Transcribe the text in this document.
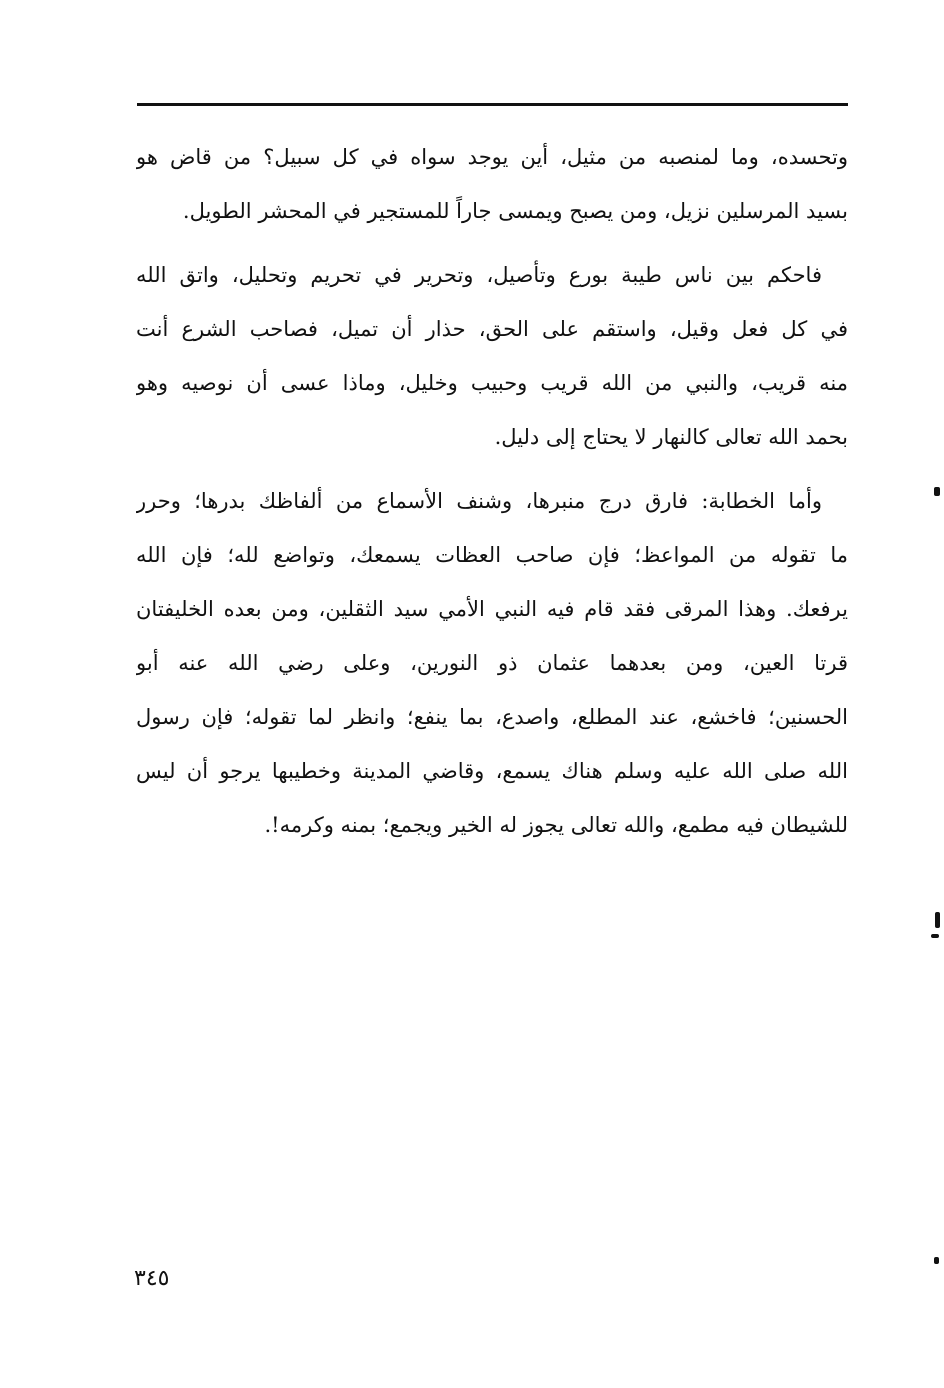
وتحسده، وما لمنصبه من مثيل، أين يوجد سواه في كل سبيل؟ من قاض هو
بسيد المرسلين نزيل، ومن يصبح ويمسى جاراً للمستجير في المحشر الطويل.
فاحكم بين ناس طيبة بورع وتأصيل، وتحرير في تحريم وتحليل، واتق الله
في كل فعل وقيل، واستقم على الحق، حذار أن تميل، فصاحب الشرع أنت
منه قريب، والنبي من الله قريب وحبيب وخليل، وماذا عسى أن نوصيه وهو
بحمد الله تعالى كالنهار لا يحتاج إلى دليل.
وأما الخطابة: فارق درج منبرها، وشنف الأسماع من ألفاظك بدرها؛ وحرر
ما تقوله من المواعظ؛ فإن صاحب العظات يسمعك، وتواضع لله؛ فإن الله
يرفعك. وهذا المرقى فقد قام فيه النبي الأمي سيد الثقلين، ومن بعده الخليفتان
قرتا العين، ومن بعدهما عثمان ذو النورين، وعلى رضي الله عنه أبو
الحسنين؛ فاخشع، عند المطلع، واصدع، بما ينفع؛ وانظر لما تقوله؛ فإن رسول
الله صلى الله عليه وسلم هناك يسمع، وقاضي المدينة وخطيبها يرجو أن ليس
للشيطان فيه مطمع، والله تعالى يجوز له الخير ويجمع؛ بمنه وكرمه!.
٣٤٥
